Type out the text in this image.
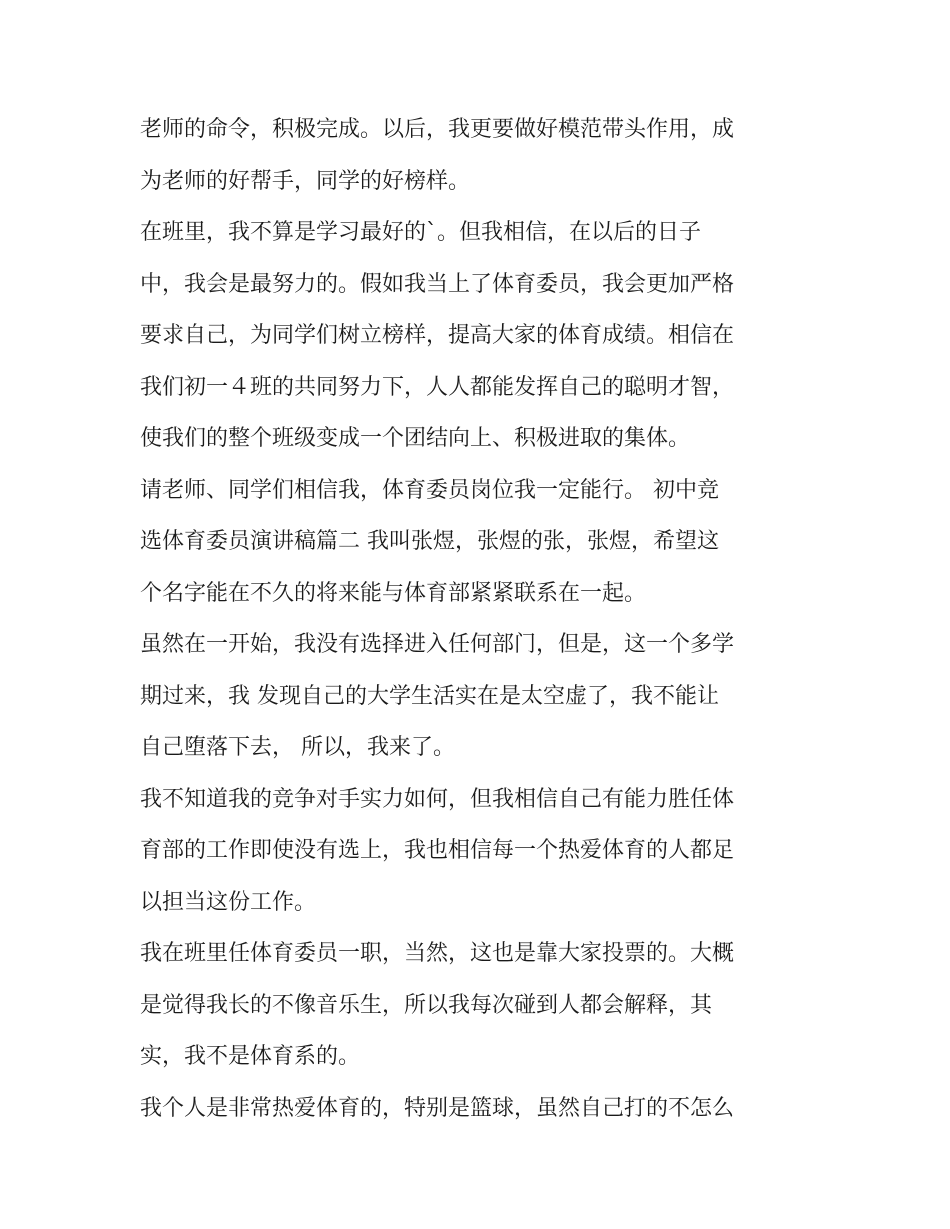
老师的命令，积极完成。以后，我更要做好模范带头作用，成
为老师的好帮手，同学的好榜样。
在班里，我不算是学习最好的`。但我相信，在以后的日子
中，我会是最努力的。假如我当上了体育委员，我会更加严格
要求自己，为同学们树立榜样，提高大家的体育成绩。相信在
我们初一４班的共同努力下，人人都能发挥自己的聪明才智，
使我们的整个班级变成一个团结向上、积极进取的集体。
请老师、同学们相信我，体育委员岗位我一定能行。 初中竞
选体育委员演讲稿篇二 我叫张煜，张煜的张，张煜，希望这
个名字能在不久的将来能与体育部紧紧联系在一起。
虽然在一开始，我没有选择进入任何部门，但是，这一个多学
期过来，我 发现自己的大学生活实在是太空虚了，我不能让
自己堕落下去， 所以，我来了。
我不知道我的竞争对手实力如何，但我相信自己有能力胜任体
育部的工作即使没有选上，我也相信每一个热爱体育的人都足
以担当这份工作。
我在班里任体育委员一职，当然，这也是靠大家投票的。大概
是觉得我长的不像音乐生，所以我每次碰到人都会解释，其
实，我不是体育系的。
我个人是非常热爱体育的，特别是篮球，虽然自己打的不怎么
